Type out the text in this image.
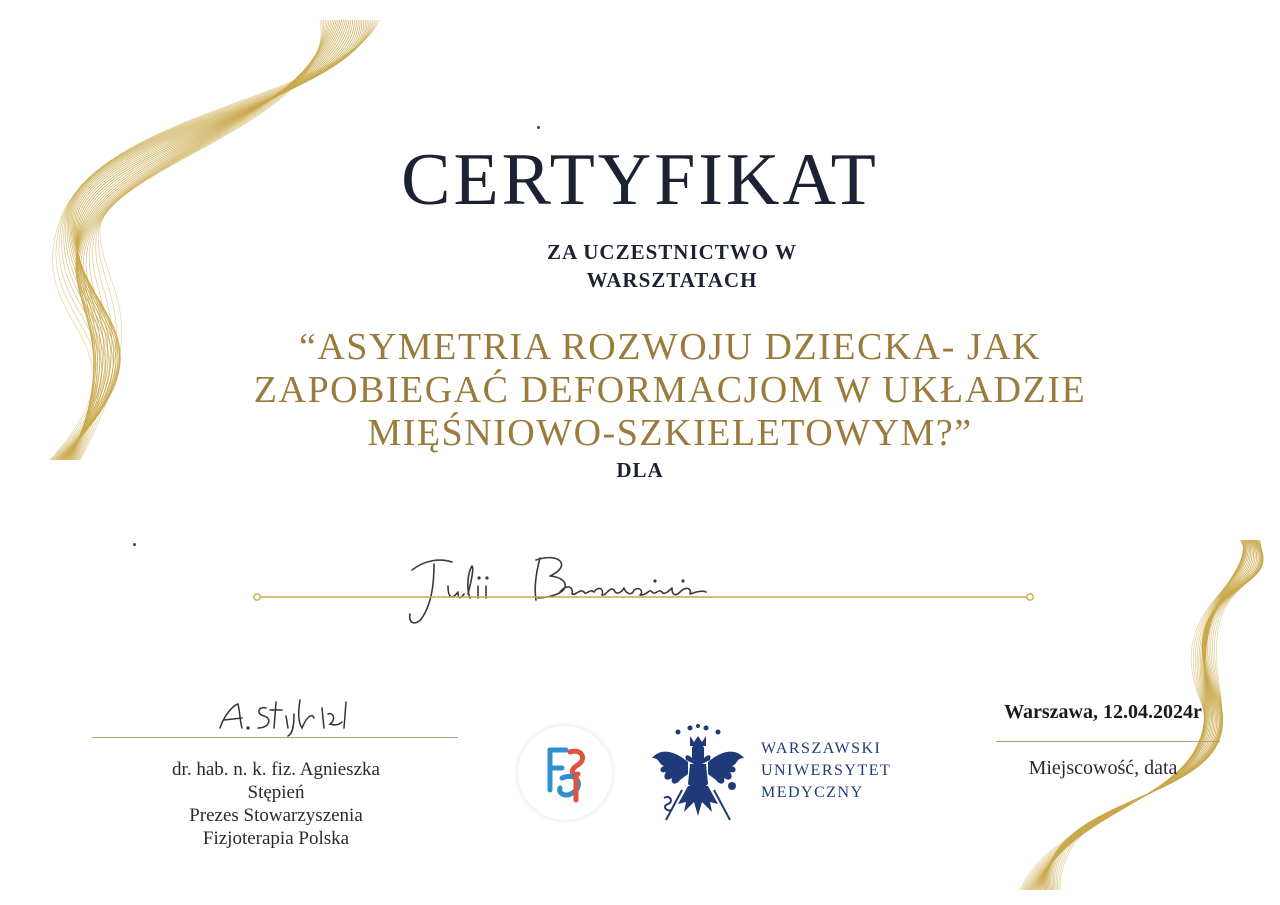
CERTYFIKAT
ZA UCZESTNICTWO W
WARSZTATACH
“ASYMETRIA ROZWOJU DZIECKA- JAK
ZAPOBIEGAĆ DEFORMACJOM W UKŁADZIE
MIĘŚNIOWO-SZKIELETOWYM?”
DLA
dr. hab. n. k. fiz. Agnieszka
Stępień
Prezes Stowarzyszenia
Fizjoterapia Polska
WARSZAWSKI
UNIWERSYTET
MEDYCZNY
Warszawa, 12.04.2024r
Miejscowość, data
